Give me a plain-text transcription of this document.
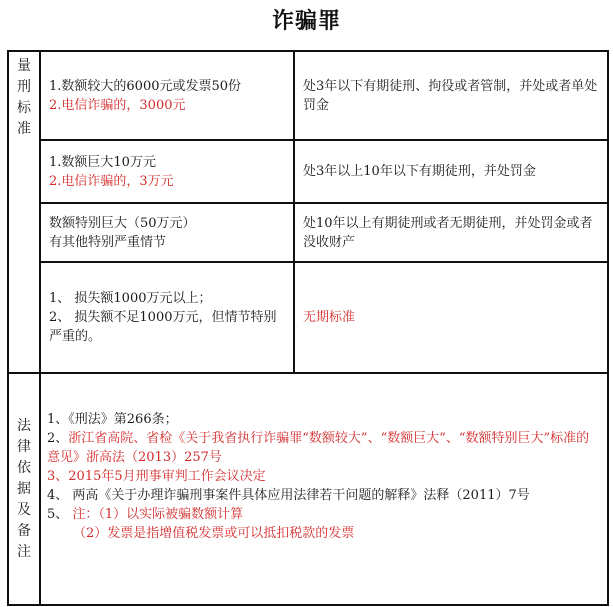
诈骗罪
量
刑
标
准	1.数额较大的6000元或发票50份
2.电信诈骗的，3000元	处3年以下有期徒刑、拘役或者管制，并处或者单处罚金

	1.数额巨大10万元
2.电信诈骗的，3万元	处3年以上10年以下有期徒刑，并处罚金

	数额特别巨大（50万元）
有其他特别严重情节	处10年以上有期徒刑或者无期徒刑，并处罚金或者没收财产

	1、 损失额1000万元以上；
2、 损失额不足1000万元，但情节特别严重的。	无期标准

法
律
依
据
及
备
注

1、《刑法》第266条；
2、浙江省高院、省检《关于我省执行诈骗罪“数额较大”、“数额巨大”、“数额特别巨大”标准的意见》浙高法（2013）257号
3、2015年5月刑事审判工作会议决定
4、 两高《关于办理诈骗刑事案件具体应用法律若干问题的解释》法释（2011）7号
5、 注：（1）以实际被骗数额计算
（2）发票是指增值税发票或可以抵扣税款的发票
